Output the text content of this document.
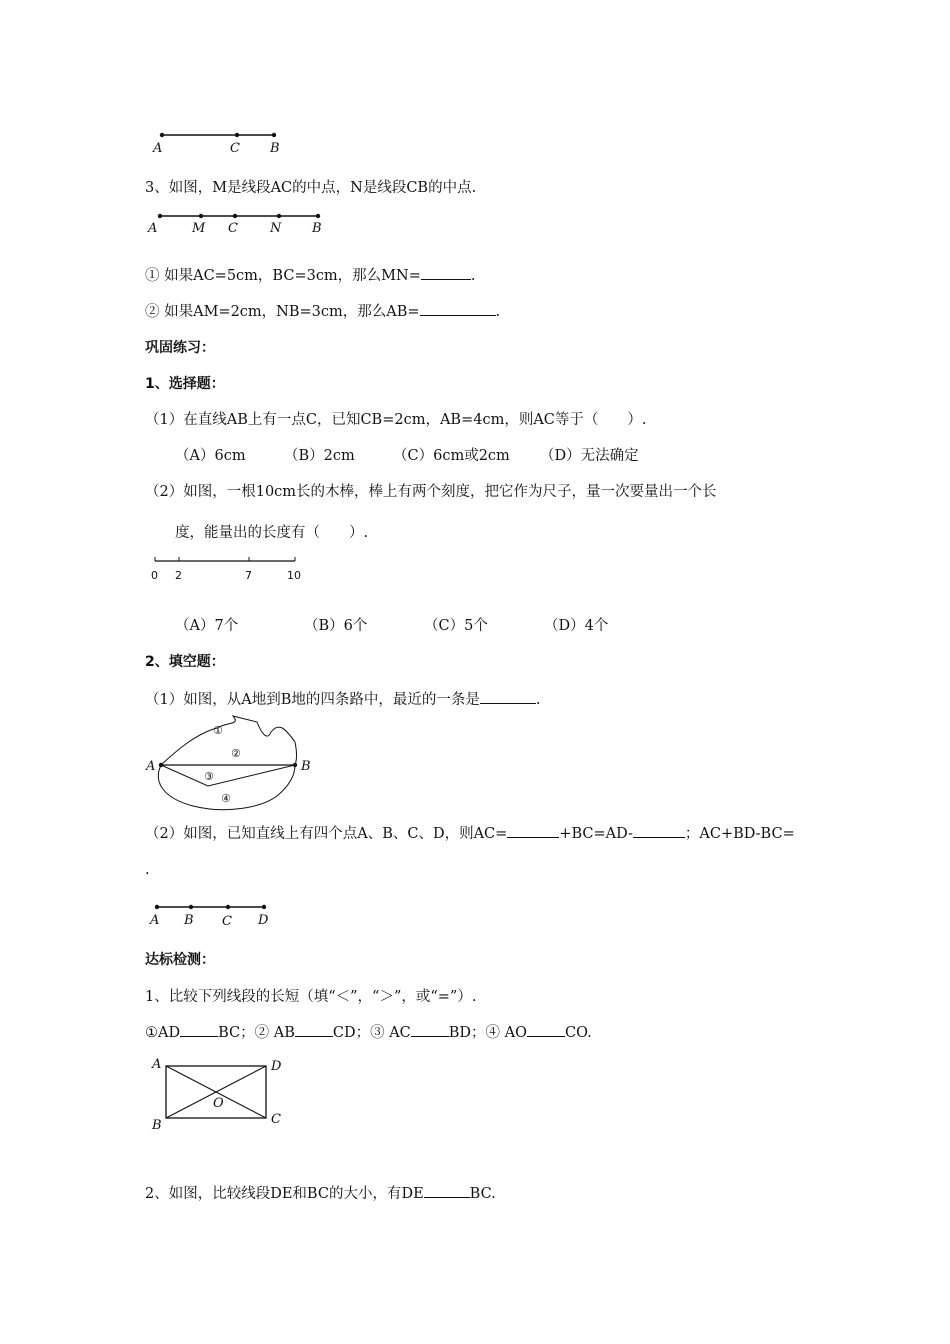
A	C B
3、如图，M是线段AC的中点，N是线段CB的中点.
A	M C N B
① 如果AC=5cm，BC=3cm，那么MN=	.
② 如果AM=2cm，NB=3cm，那么AB=	.
巩固练习：
1、选择题：
（1）在直线AB上有一点C，已知CB=2cm，AB=4cm，则AC等于（　　）.
（A）6cm	（B）2cm	（C）6cm或2cm （D）无法确定
（2）如图，一根10cm长的木棒，棒上有两个刻度，把它作为尺子，量一次要量出一个长
度，能量出的长度有（　　）.
0 2	7	10
（A）7个	（B）6个	（C）5个	（D）4个
2、填空题：
（1）如图，从A地到B地的四条路中，最近的一条是	.
A	B
①
②
③
④
（2）如图，已知直线上有四个点A、B、C、D，则AC=	+BC=AD-	；AC+BD-BC=
.
A B C D
达标检测：
1、比较下列线段的长短（填“＜”，“＞”，或“=”）.
①AD	BC；② AB	CD；③ AC	BD；④ AO	CO.
A	D
B	C
O
2、如图，比较线段DE和BC的大小，有DE	BC.
